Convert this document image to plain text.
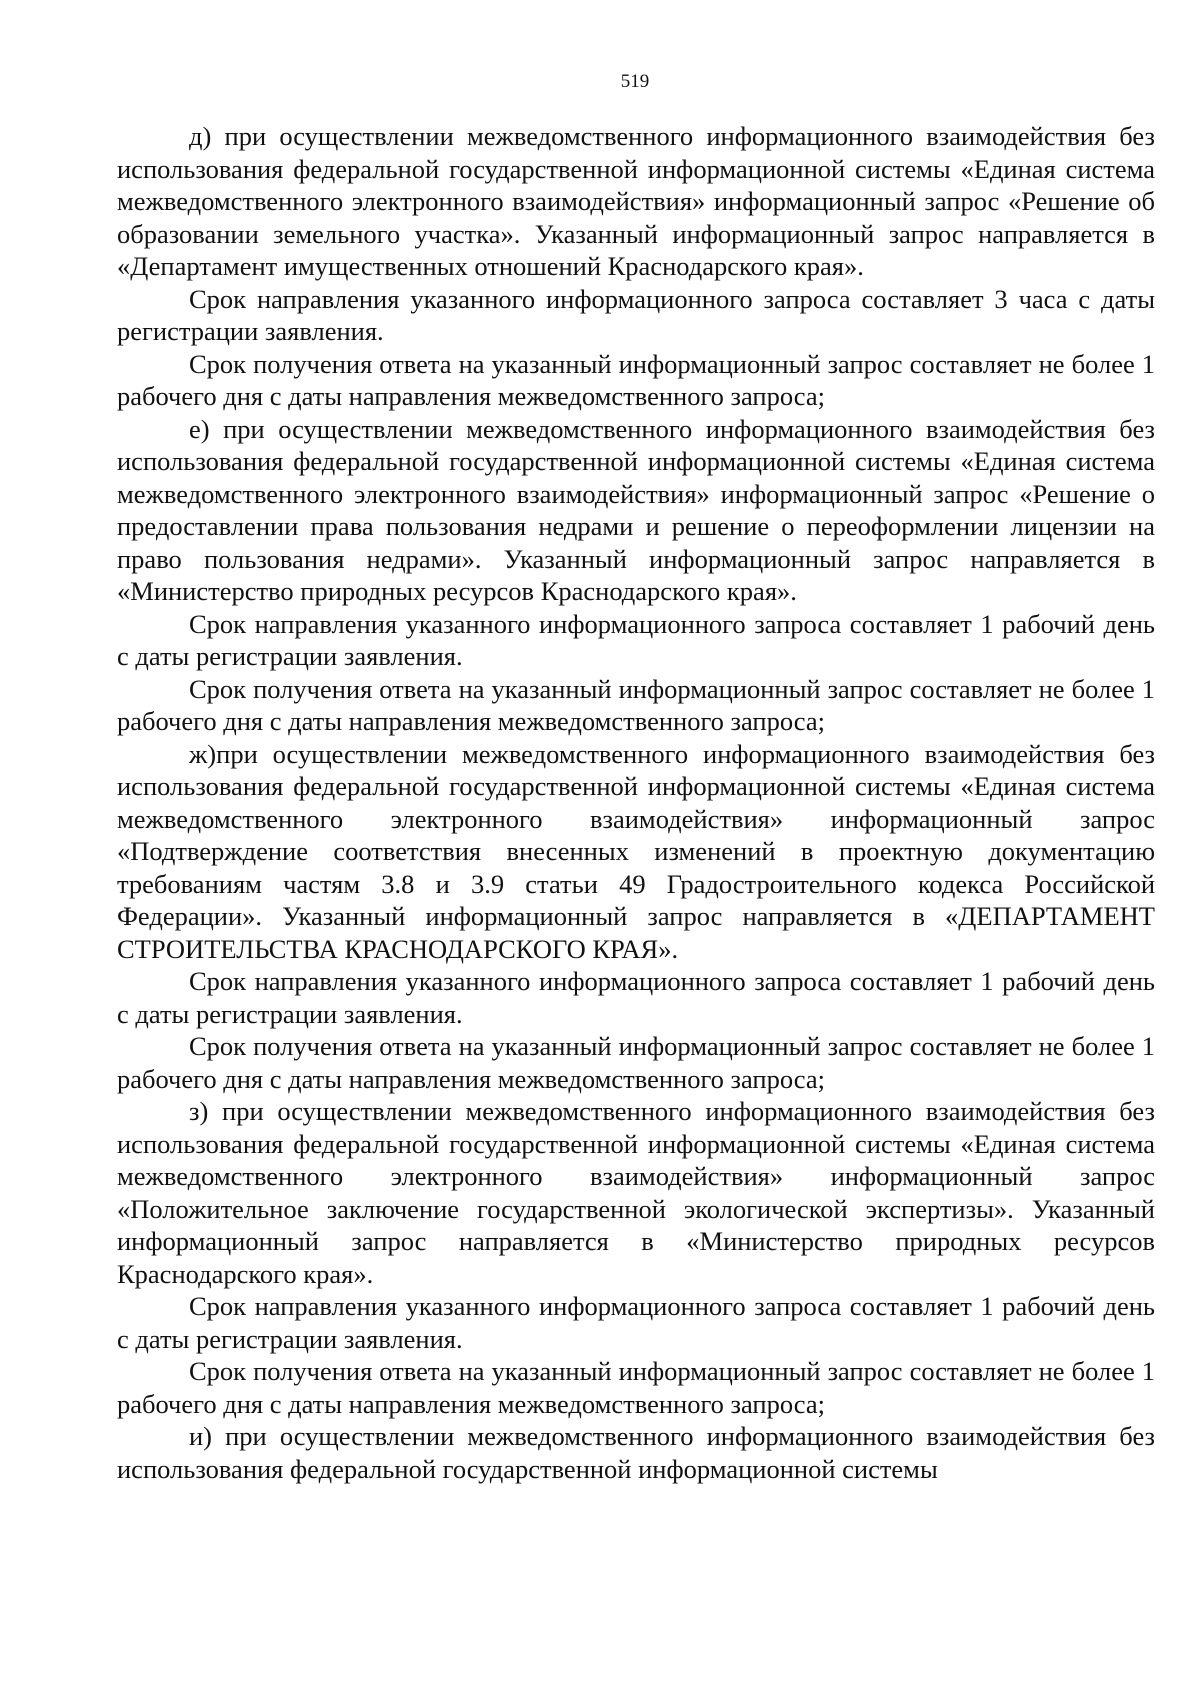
519

д) при осуществлении межведомственного информационного взаимодействия без использования федеральной государственной информационной системы «Единая система межведомственного электронного взаимодействия» информационный запрос «Решение об образовании земельного участка». Указанный информационный запрос направляется в «Департамент имущественных отношений Краснодарского края».

Срок направления указанного информационного запроса составляет 3 часа с даты регистрации заявления.

Срок получения ответа на указанный информационный запрос составляет не более 1 рабочего дня с даты направления межведомственного запроса;

е) при осуществлении межведомственного информационного взаимодействия без использования федеральной государственной информационной системы «Единая система межведомственного электронного взаимодействия» информационный запрос «Решение о предоставлении права пользования недрами и решение о переоформлении лицензии на право пользования недрами». Указанный информационный запрос направляется в «Министерство природных ресурсов Краснодарского края».

Срок направления указанного информационного запроса составляет 1 рабочий день с даты регистрации заявления.

Срок получения ответа на указанный информационный запрос составляет не более 1 рабочего дня с даты направления межведомственного запроса;

ж)при осуществлении межведомственного информационного взаимодействия без использования федеральной государственной информационной системы «Единая система межведомственного электронного взаимодействия» информационный запрос «Подтверждение соответствия внесенных изменений в проектную документацию требованиям частям 3.8 и 3.9 статьи 49 Градостроительного кодекса Российской Федерации». Указанный информационный запрос направляется в «ДЕПАРТАМЕНТ СТРОИТЕЛЬСТВА КРАСНОДАРСКОГО КРАЯ».

Срок направления указанного информационного запроса составляет 1 рабочий день с даты регистрации заявления.

Срок получения ответа на указанный информационный запрос составляет не более 1 рабочего дня с даты направления межведомственного запроса;

з) при осуществлении межведомственного информационного взаимодействия без использования федеральной государственной информационной системы «Единая система межведомственного электронного взаимодействия» информационный запрос «Положительное заключение государственной экологической экспертизы». Указанный информационный запрос направляется в «Министерство природных ресурсов Краснодарского края».

Срок направления указанного информационного запроса составляет 1 рабочий день с даты регистрации заявления.

Срок получения ответа на указанный информационный запрос составляет не более 1 рабочего дня с даты направления межведомственного запроса;

и) при осуществлении межведомственного информационного взаимодействия без использования федеральной государственной информационной системы
